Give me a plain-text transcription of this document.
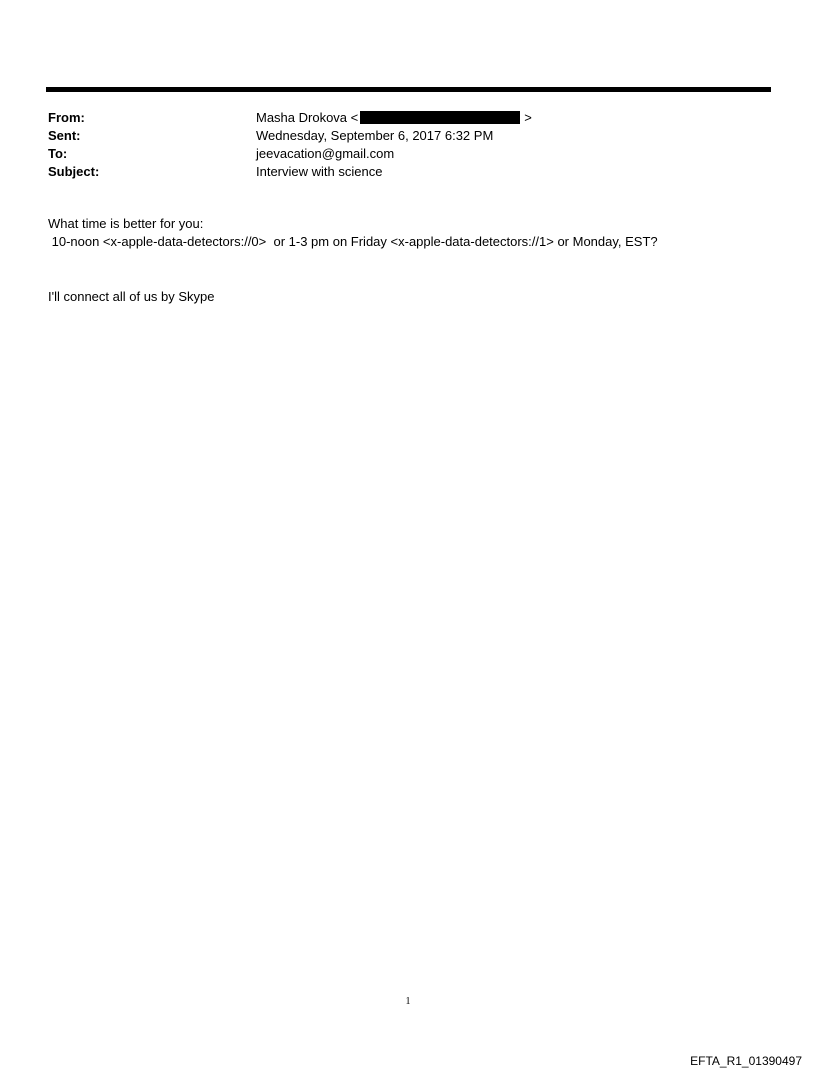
From:	Masha Drokova <	>
Sent:	Wednesday, September 6, 2017 6:32 PM
To:	jeevacation@gmail.com
Subject:	Interview with science
What time is better for you:
10-noon <x-apple-data-detectors://0>  or 1-3 pm on Friday <x-apple-data-detectors://1> or Monday, EST?
I'll connect all of us by Skype
1
EFTA_R1_01390497
